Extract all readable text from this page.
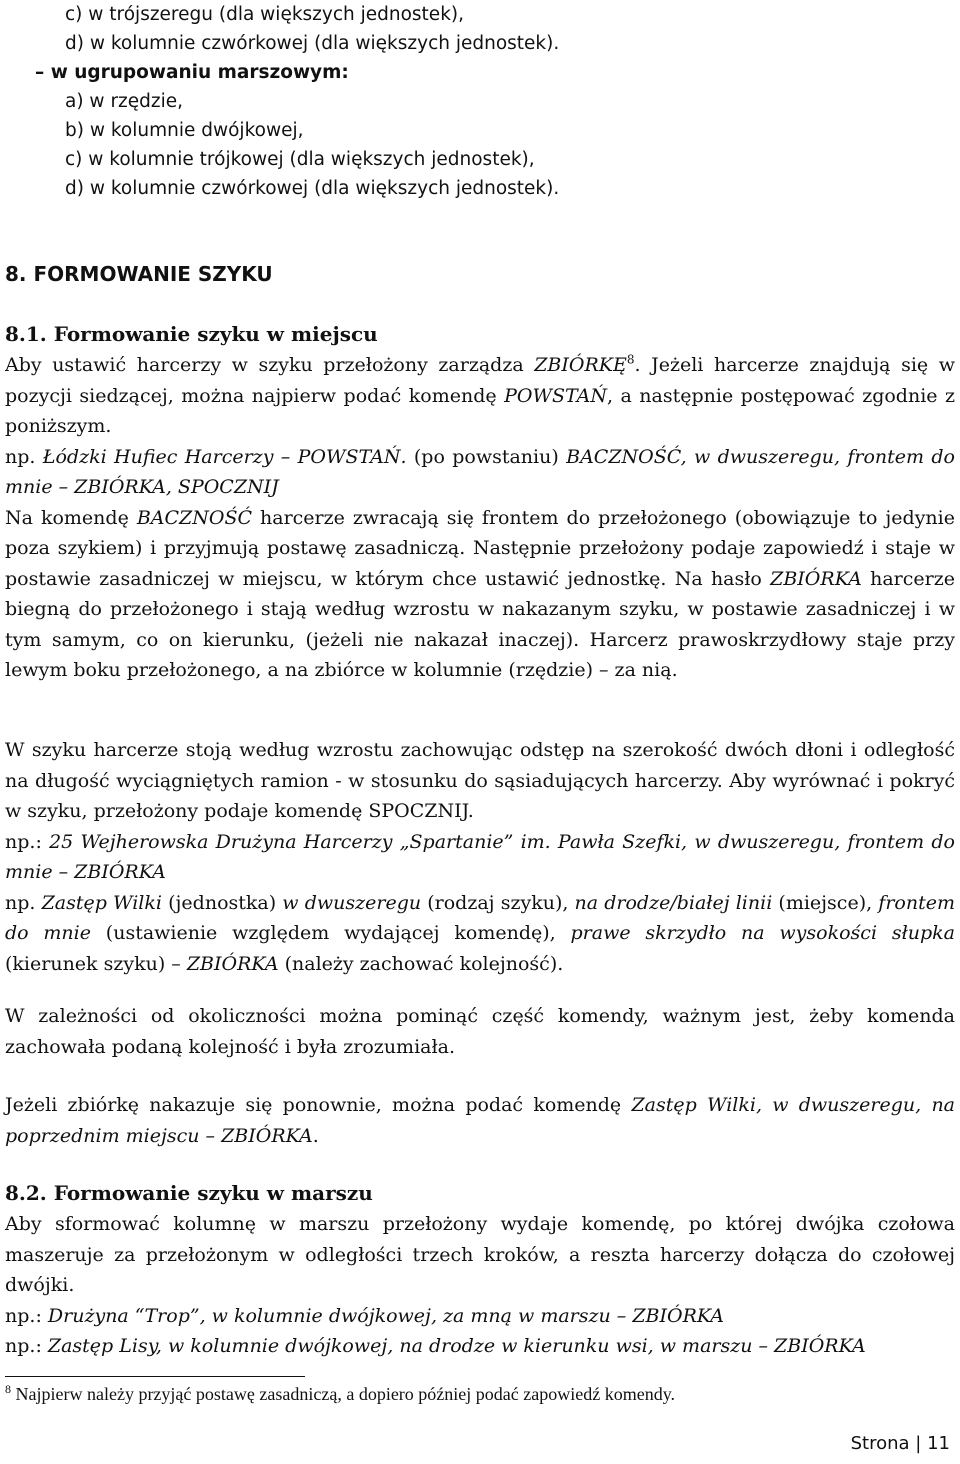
c) w trójszeregu (dla większych jednostek),
d) w kolumnie czwórkowej (dla większych jednostek).
– w ugrupowaniu marszowym:
a) w rzędzie,
b) w kolumnie dwójkowej,
c) w kolumnie trójkowej (dla większych jednostek),
d) w kolumnie czwórkowej (dla większych jednostek).
8. FORMOWANIE SZYKU
8.1. Formowanie szyku w miejscu

Aby ustawić harcerzy w szyku przełożony zarządza ZBIÓRKĘ$^8$. Jeżeli harcerze znajdują się w pozycji siedzącej, można najpierw podać komendę POWSTAŃ, a następnie postępować zgodnie z poniższym.

np. Łódzki Hufiec Harcerzy – POWSTAŃ. (po powstaniu) BACZNOŚĆ, w dwuszeregu, frontem do mnie – ZBIÓRKA, SPOCZNIJ

Na komendę BACZNOŚĆ harcerze zwracają się frontem do przełożonego (obowiązuje to jedynie poza szykiem) i przyjmują postawę zasadniczą. Następnie przełożony podaje zapowiedź i staje w postawie zasadniczej w miejscu, w którym chce ustawić jednostkę. Na hasło ZBIÓRKA harcerze biegną do przełożonego i stają według wzrostu w nakazanym szyku, w postawie zasadniczej i w tym samym, co on kierunku, (jeżeli nie nakazał inaczej). Harcerz prawoskrzydłowy staje przy lewym boku przełożonego, a na zbiórce w kolumnie (rzędzie) – za nią.

W szyku harcerze stoją według wzrostu zachowując odstęp na szerokość dwóch dłoni i odległość na długość wyciągniętych ramion - w stosunku do sąsiadujących harcerzy. Aby wyrównać i pokryć w szyku, przełożony podaje komendę SPOCZNIJ.

np.: 25 Wejherowska Drużyna Harcerzy „Spartanie” im. Pawła Szefki, w dwuszeregu, frontem do mnie – ZBIÓRKA

np. Zastęp Wilki (jednostka) w dwuszeregu (rodzaj szyku), na drodze/białej linii (miejsce), frontem do mnie (ustawienie względem wydającej komendę), prawe skrzydło na wysokości słupka (kierunek szyku) – ZBIÓRKA (należy zachować kolejność).

W zależności od okoliczności można pominąć część komendy, ważnym jest, żeby komenda zachowała podaną kolejność i była zrozumiała.

Jeżeli zbiórkę nakazuje się ponownie, można podać komendę Zastęp Wilki, w dwuszeregu, na poprzednim miejscu – ZBIÓRKA.

8.2. Formowanie szyku w marszu

Aby sformować kolumnę w marszu przełożony wydaje komendę, po której dwójka czołowa maszeruje za przełożonym w odległości trzech kroków, a reszta harcerzy dołącza do czołowej dwójki.

np.: Drużyna “Trop”, w kolumnie dwójkowej, za mną w marszu – ZBIÓRKA

np.: Zastęp Lisy, w kolumnie dwójkowej, na drodze w kierunku wsi, w marszu – ZBIÓRKA

$^8$ Najpierw należy przyjąć postawę zasadniczą, a dopiero później podać zapowiedź komendy.
Strona | 11
